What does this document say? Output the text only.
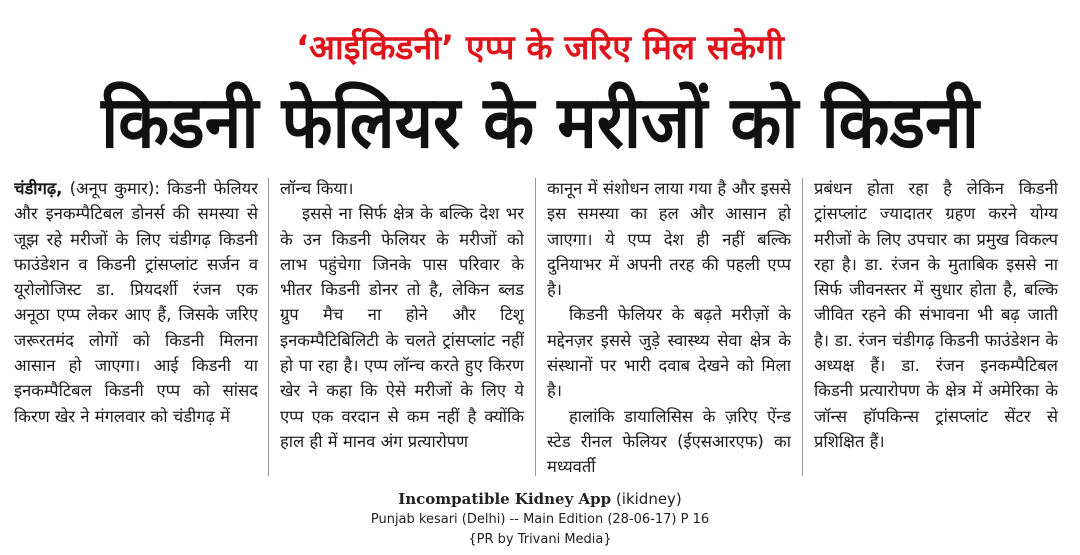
‘आईकिडनी’ एप्प के जरिए मिल सकेगी
किडनी फेलियर के मरीजों को किडनी

चंडीगढ़, (अनूप कुमार): किडनी फेलियर और इनकम्पैटिबल डोनर्स की समस्या से जूझ रहे मरीजों के लिए चंडीगढ़ किडनी फाउंडेशन व किडनी ट्रांसप्लांट सर्जन व यूरोलोजिस्ट डा. प्रियदर्शी रंजन एक अनूठा एप्प लेकर आए हैं, जिसके जरिए जरूरतमंद लोगों को किडनी मिलना आसान हो जाएगा। आई किडनी या इनकम्पैटिबल किडनी एप्प को सांसद किरण खेर ने मंगलवार को चंडीगढ़ में

लॉन्च किया।

इससे ना सिर्फ क्षेत्र के बल्कि देश भर के उन किडनी फेलियर के मरीजों को लाभ पहुंचेगा जिनके पास परिवार के भीतर किडनी डोनर तो है, लेकिन ब्लड ग्रुप मैच ना होने और टिशू इनकम्पैटिबिलिटी के चलते ट्रांसप्लांट नहीं हो पा रहा है। एप्प लॉन्च करते हुए किरण खेर ने कहा कि ऐसे मरीजों के लिए ये एप्प एक वरदान से कम नहीं है क्योंकि हाल ही में मानव अंग प्रत्यारोपण

कानून में संशोधन लाया गया है और इससे इस समस्या का हल और आसान हो जाएगा। ये एप्प देश ही नहीं बल्कि दुनियाभर में अपनी तरह की पहली एप्प है।

किडनी फेलियर के बढ़ते मरीज़ों के मद्देनज़र इससे जुड़े स्वास्थ्य सेवा क्षेत्र के संस्थानों पर भारी दवाब देखने को मिला है।

हालांकि डायालिसिस के ज़रिए ऐंन्ड स्टेड रीनल फेलियर (ईएसआरएफ) का मध्यवर्ती

प्रबंधन होता रहा है लेकिन किडनी ट्रांसप्लांट ज्यादातर ग्रहण करने योग्य मरीजों के लिए उपचार का प्रमुख विकल्प रहा है। डा. रंजन के मुताबिक इससे ना सिर्फ जीवनस्तर में सुधार होता है, बल्कि जीवित रहने की संभावना भी बढ़ जाती है। डा. रंजन चंडीगढ़ किडनी फाउंडेशन के अध्यक्ष हैं। डा. रंजन इनकम्पैटिबल किडनी प्रत्यारोपण के क्षेत्र में अमेरिका के जॉन्स हॉपकिन्स ट्रांसप्लांट सेंटर से प्रशिक्षित हैं।

Incompatible Kidney App (ikidney)
Punjab kesari (Delhi) -- Main Edition (28-06-17) P 16
{PR by Trivani Media}
